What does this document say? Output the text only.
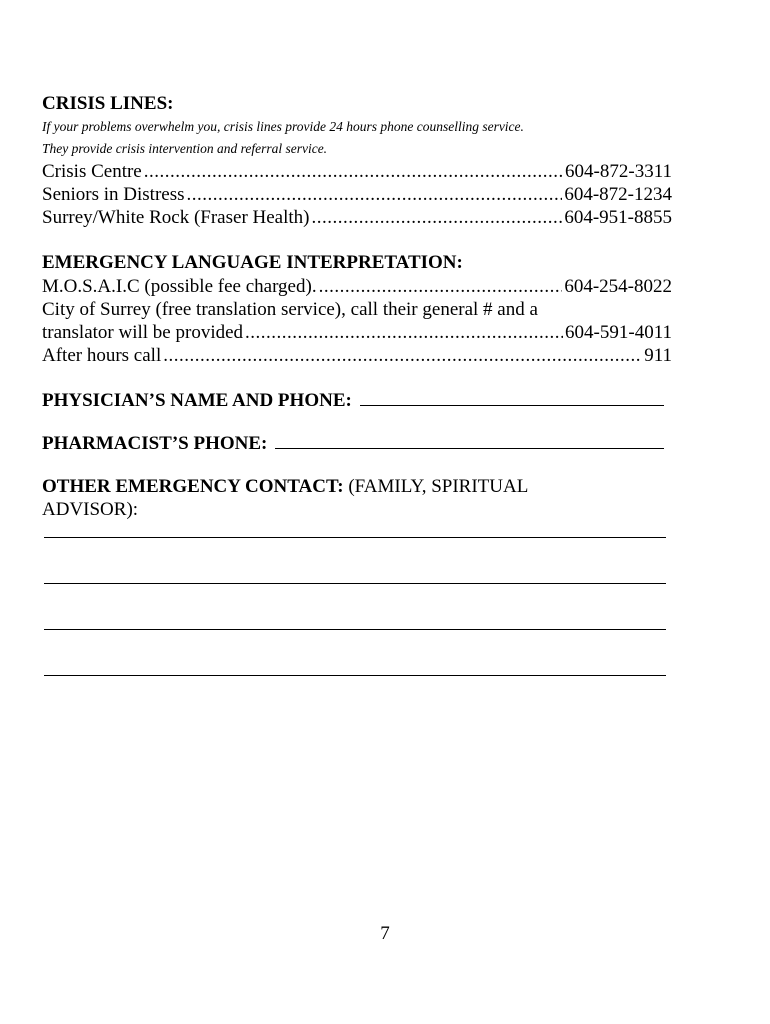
CRISIS LINES:

If your problems overwhelm you, crisis lines provide 24 hours phone counselling service.

They provide crisis intervention and referral service.

Crisis Centre .....	604-872-3311
Seniors in Distress .....	604-872-1234
Surrey/White Rock (Fraser Health) .....	604-951-8855

EMERGENCY LANGUAGE INTERPRETATION:

M.O.S.A.I.C (possible fee charged). .....	604-254-8022

City of Surrey (free translation service), call their general # and a

translator will be provided .....	604-591-4011
After hours call .....	911
PHYSICIAN’S NAME AND PHONE:
PHARMACIST’S PHONE:

OTHER EMERGENCY CONTACT: (FAMILY, SPIRITUAL

ADVISOR):

7
